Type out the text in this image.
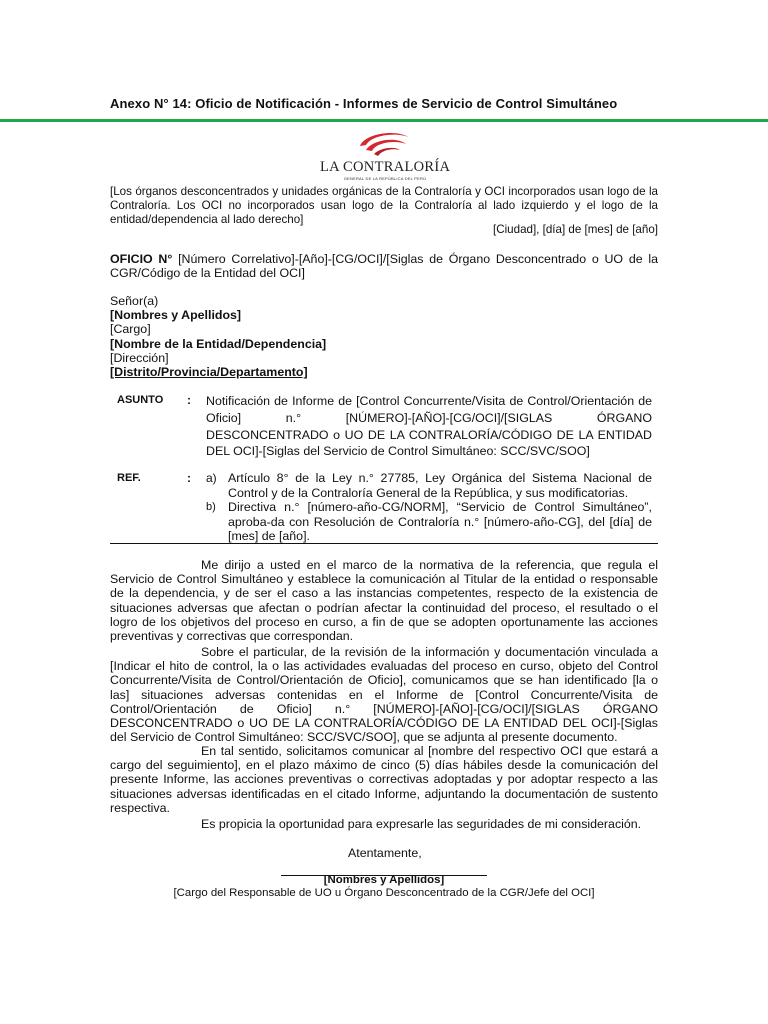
Anexo N° 14: Oficio de Notificación - Informes de Servicio de Control Simultáneo
LA CONTRALORÍA
GENERAL DE LA REPÚBLICA DEL PERÚ
[Los órganos desconcentrados y unidades orgánicas de la Contraloría y OCI incorporados usan logo de la Contraloría. Los OCI no incorporados usan logo de la Contraloría al lado izquierdo y el logo de la entidad/dependencia al lado derecho]
[Ciudad], [día] de [mes] de [año]
OFICIO N° [Número Correlativo]-[Año]-[CG/OCI]/[Siglas de Órgano Desconcentrado o UO de la CGR/Código de la Entidad del OCI]
Señor(a)
[Nombres y Apellidos]
[Cargo]
[Nombre de la Entidad/Dependencia]
[Dirección]
[Distrito/Provincia/Departamento]
ASUNTO : Notificación de Informe de [Control Concurrente/Visita de Control/Orientación de Oficio] n.° [NÚMERO]-[AÑO]-[CG/OCI]/[SIGLAS ÓRGANO DESCONCENTRADO o UO DE LA CONTRALORÍA/CÓDIGO DE LA ENTIDAD DEL OCI]-[Siglas del Servicio de Control Simultáneo: SCC/SVC/SOO]
REF.	: a) Artículo 8° de la Ley n.° 27785, Ley Orgánica del Sistema Nacional de Control y de la Contraloría General de la República, y sus modificatorias.
b) Directiva n.° [número-año-CG/NORM], “Servicio de Control Simultáneo”, aproba-da con Resolución de Contraloría n.° [número-año-CG], del [día] de [mes] de [año].
Me dirijo a usted en el marco de la normativa de la referencia, que regula el Servicio de Control Simultáneo y establece la comunicación al Titular de la entidad o responsable de la dependencia, y de ser el caso a las instancias competentes, respecto de la existencia de situaciones adversas que afectan o podrían afectar la continuidad del proceso, el resultado o el logro de los objetivos del proceso en curso, a fin de que se adopten oportunamente las acciones preventivas y correctivas que correspondan.
Sobre el particular, de la revisión de la información y documentación vinculada a [Indicar el hito de control, la o las actividades evaluadas del proceso en curso, objeto del Control Concurrente/Visita de Control/Orientación de Oficio], comunicamos que se han identificado [la o las] situaciones adversas contenidas en el Informe de [Control Concurrente/Visita de Control/Orientación de Oficio] n.° [NÚMERO]-[AÑO]-[CG/OCI]/[SIGLAS ÓRGANO DESCONCENTRADO o UO DE LA CONTRALORÍA/CÓDIGO DE LA ENTIDAD DEL OCI]-[Siglas del Servicio de Control Simultáneo: SCC/SVC/SOO], que se adjunta al presente documento.
En tal sentido, solicitamos comunicar al [nombre del respectivo OCI que estará a cargo del seguimiento], en el plazo máximo de cinco (5) días hábiles desde la comunicación del presente Informe, las acciones preventivas o correctivas adoptadas y por adoptar respecto a las situaciones adversas identificadas en el citado Informe, adjuntando la documentación de sustento respectiva.
Es propicia la oportunidad para expresarle las seguridades de mi consideración.
Atentamente,
[Nombres y Apellidos]
[Cargo del Responsable de UO u Órgano Desconcentrado de la CGR/Jefe del OCI]
